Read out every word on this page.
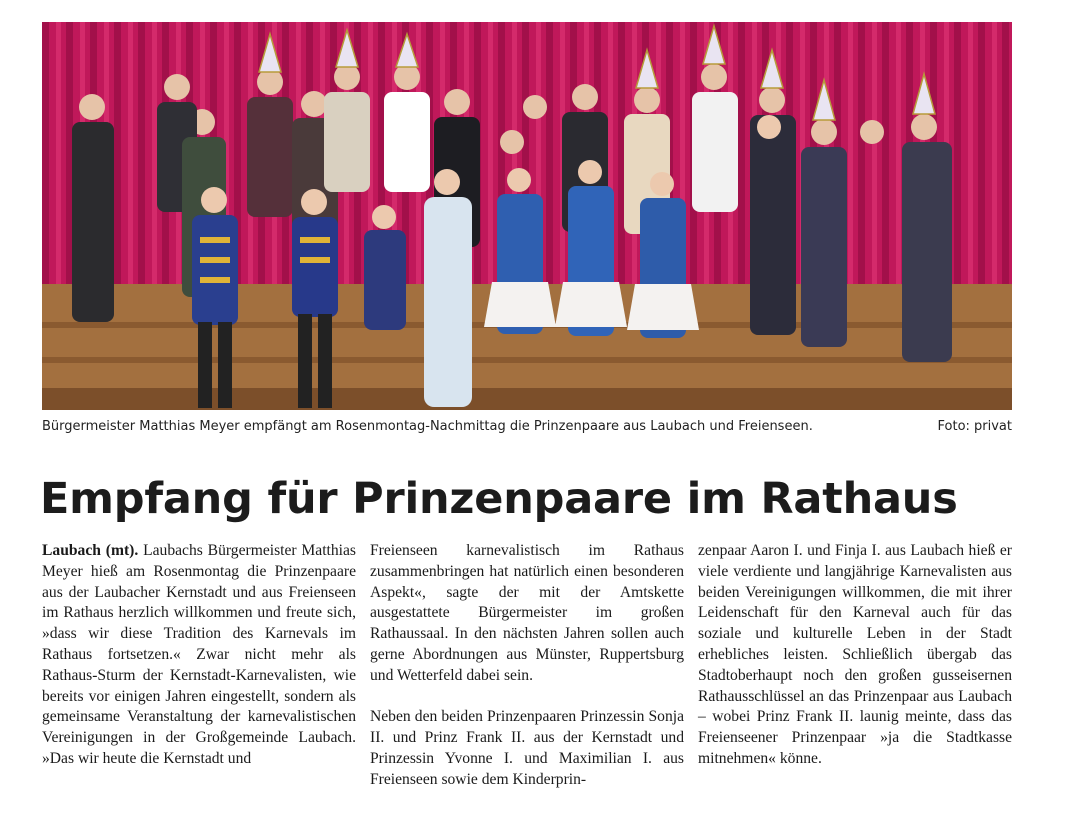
Bürgermeister Matthias Meyer empfängt am Rosenmontag-Nachmittag die Prinzenpaare aus Laubach und Freienseen.	Foto: privat
Empfang für Prinzenpaare im Rathaus

Laubach (mt). Laubachs Bürgermeister Matthias Meyer hieß am Rosenmontag die Prinzenpaare aus der Laubacher Kernstadt und aus Freienseen im Rathaus herzlich willkommen und freute sich, »dass wir diese Tradition des Karnevals im Rathaus fortsetzen.« Zwar nicht mehr als Rathaus-Sturm der Kernstadt-Karnevalisten, wie bereits vor einigen Jahren eingestellt, sondern als gemeinsame Veranstaltung der karnevalistischen Vereinigungen in der Großgemeinde Laubach. »Das wir heute die Kernstadt und

Freienseen karnevalistisch im Rathaus zusammenbringen hat natürlich einen besonderen Aspekt«, sagte der mit der Amtskette ausgestattete Bürgermeister im großen Rathaussaal. In den nächsten Jahren sollen auch gerne Abordnungen aus Münster, Ruppertsburg und Wetterfeld dabei sein.

Neben den beiden Prinzenpaaren Prinzessin Sonja II. und Prinz Frank II. aus der Kernstadt und Prinzessin Yvonne I. und Maximilian I. aus Freienseen sowie dem Kinderprin-

zenpaar Aaron I. und Finja I. aus Laubach hieß er viele verdiente und langjährige Karnevalisten aus beiden Vereinigungen willkommen, die mit ihrer Leidenschaft für den Karneval auch für das soziale und kulturelle Leben in der Stadt erhebliches leisten. Schließlich übergab das Stadtoberhaupt noch den großen gusseisernen Rathausschlüssel an das Prinzenpaar aus Laubach – wobei Prinz Frank II. launig meinte, dass das Freienseener Prinzenpaar »ja die Stadtkasse mitnehmen« könne.
